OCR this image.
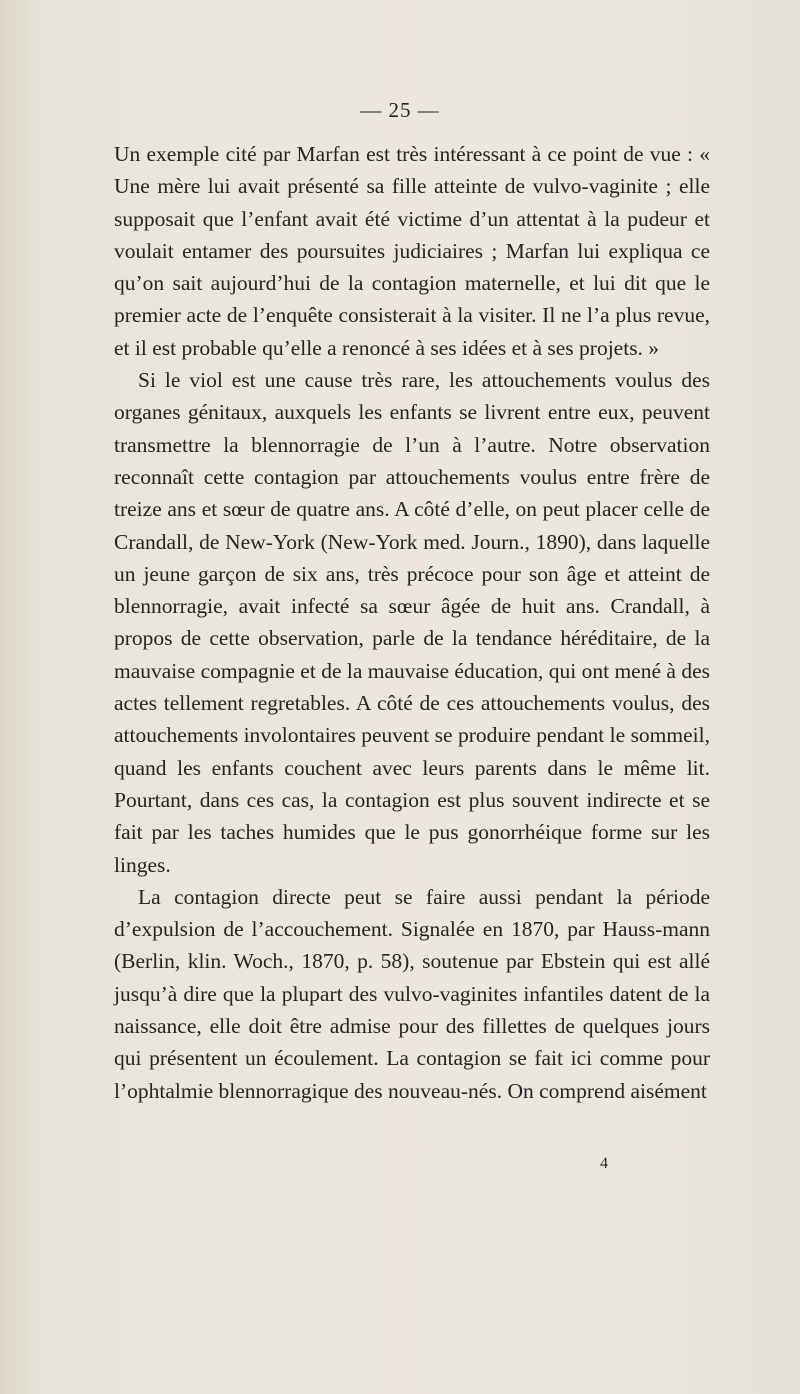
— 25 —

Un exemple cité par Marfan est très intéressant à ce point de vue : « Une mère lui avait présenté sa fille atteinte de vulvo-vaginite ; elle supposait que l’enfant avait été victime d’un attentat à la pudeur et voulait entamer des poursuites judiciaires ; Marfan lui expliqua ce qu’on sait aujourd’hui de la contagion maternelle, et lui dit que le premier acte de l’enquête consisterait à la visiter. Il ne l’a plus revue, et il est probable qu’elle a renoncé à ses idées et à ses projets. »

Si le viol est une cause très rare, les attouchements voulus des organes génitaux, auxquels les enfants se livrent entre eux, peuvent transmettre la blennorragie de l’un à l’autre. Notre observation reconnaît cette contagion par attouchements voulus entre frère de treize ans et sœur de quatre ans. A côté d’elle, on peut placer celle de Crandall, de New-York (New-York med. Journ., 1890), dans laquelle un jeune garçon de six ans, très précoce pour son âge et atteint de blennorragie, avait infecté sa sœur âgée de huit ans. Crandall, à propos de cette observation, parle de la tendance héréditaire, de la mauvaise compagnie et de la mauvaise éducation, qui ont mené à des actes tellement regretables. A côté de ces attouchements voulus, des attouchements involontaires peuvent se produire pendant le sommeil, quand les enfants couchent avec leurs parents dans le même lit. Pourtant, dans ces cas, la contagion est plus souvent indirecte et se fait par les taches humides que le pus gonorrhéique forme sur les linges.

La contagion directe peut se faire aussi pendant la période d’expulsion de l’accouchement. Signalée en 1870, par Hauss-mann (Berlin, klin. Woch., 1870, p. 58), soutenue par Ebstein qui est allé jusqu’à dire que la plupart des vulvo-vaginites infantiles datent de la naissance, elle doit être admise pour des fillettes de quelques jours qui présentent un écoulement. La contagion se fait ici comme pour l’ophtalmie blennorragique des nouveau-nés. On comprend aisément

4
